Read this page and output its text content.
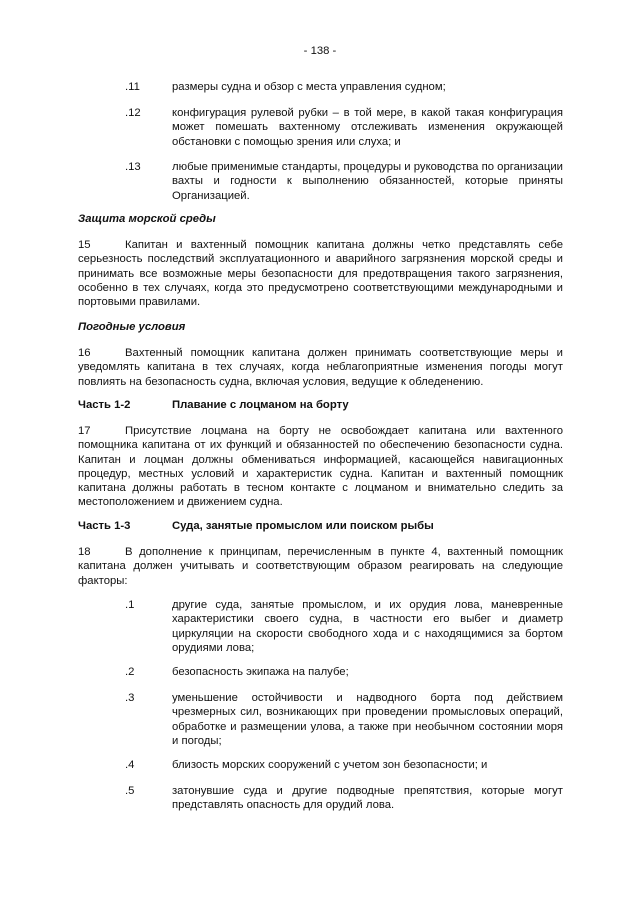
- 138 -
.11	размеры судна и обзор с места управления судном;
.12	конфигурация рулевой рубки – в той мере, в какой такая конфигурация может помешать вахтенному отслеживать изменения окружающей обстановки с помощью зрения или слуха; и
.13	любые применимые стандарты, процедуры и руководства по организации вахты и годности к выполнению обязанностей, которые приняты Организацией.
Защита морской среды
15	Капитан и вахтенный помощник капитана должны четко представлять себе серьезность последствий эксплуатационного и аварийного загрязнения морской среды и принимать все возможные меры безопасности для предотвращения такого загрязнения, особенно в тех случаях, когда это предусмотрено соответствующими международными и портовыми правилами.
Погодные условия
16	Вахтенный помощник капитана должен принимать соответствующие меры и уведомлять капитана в тех случаях, когда неблагоприятные изменения погоды могут повлиять на безопасность судна, включая условия, ведущие к обледенению.
Часть 1-2	Плавание с лоцманом на борту
17	Присутствие лоцмана на борту не освобождает капитана или вахтенного помощника капитана от их функций и обязанностей по обеспечению безопасности судна. Капитан и лоцман должны обмениваться информацией, касающейся навигационных процедур, местных условий и характеристик судна. Капитан и вахтенный помощник капитана должны работать в тесном контакте с лоцманом и внимательно следить за местоположением и движением судна.
Часть 1-3	Суда, занятые промыслом или поиском рыбы
18	В дополнение к принципам, перечисленным в пункте 4, вахтенный помощник капитана должен учитывать и соответствующим образом реагировать на следующие факторы:
.1	другие суда, занятые промыслом, и их орудия лова, маневренные характеристики своего судна, в частности его выбег и диаметр циркуляции на скорости свободного хода и с находящимися за бортом орудиями лова;
.2	безопасность экипажа на палубе;
.3	уменьшение остойчивости и надводного борта под действием чрезмерных сил, возникающих при проведении промысловых операций, обработке и размещении улова, а также при необычном состоянии моря и погоды;
.4	близость морских сооружений с учетом зон безопасности; и
.5	затонувшие суда и другие подводные препятствия, которые могут представлять опасность для орудий лова.
